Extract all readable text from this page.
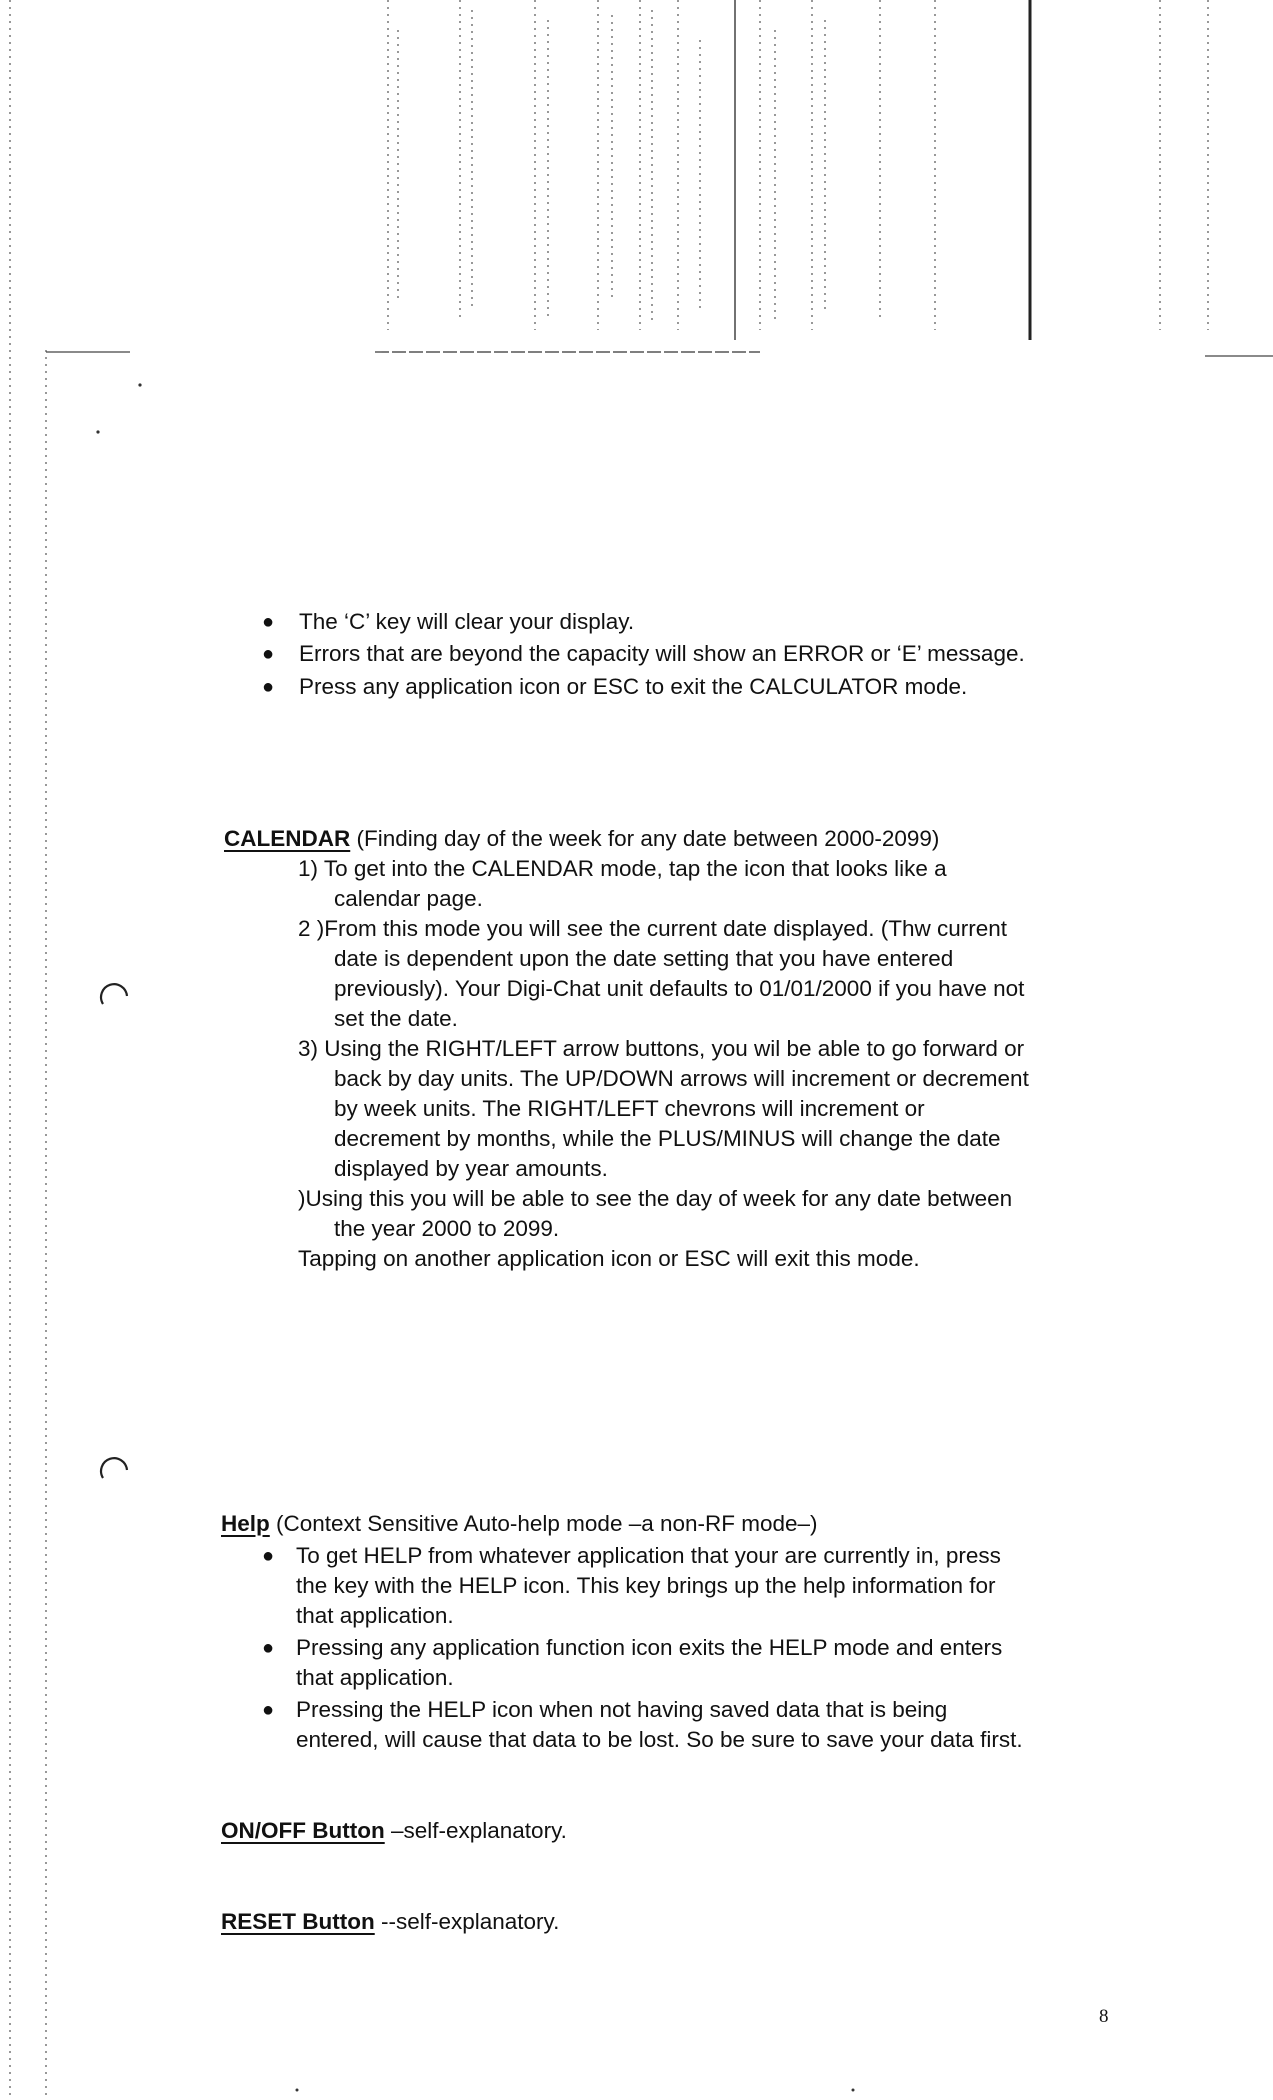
● The ‘C’ key will clear your display.
● Errors that are beyond the capacity will show an ERROR or ‘E’ message.
● Press any application icon or ESC to exit the CALCULATOR mode.
CALENDAR (Finding day of the week for any date between 2000-2099)
1) To get into the CALENDAR mode, tap the icon that looks like a
calendar page.
2 )From this mode you will see the current date displayed. (Thw current
date is dependent upon the date setting that you have entered
previously). Your Digi-Chat unit defaults to 01/01/2000 if you have not
set the date.
3) Using the RIGHT/LEFT arrow buttons, you wil be able to go forward or
back by day units. The UP/DOWN arrows will increment or decrement
by week units. The RIGHT/LEFT chevrons will increment or
decrement by months, while the PLUS/MINUS will change the date
displayed by year amounts.
)Using this you will be able to see the day of week for any date between
the year 2000 to 2099.
Tapping on another application icon or ESC will exit this mode.
Help (Context Sensitive Auto-help mode –a non-RF mode–)
● To get HELP from whatever application that your are currently in, press
the key with the HELP icon. This key brings up the help information for
that application.
● Pressing any application function icon exits the HELP mode and enters
that application.
● Pressing the HELP icon when not having saved data that is being
entered, will cause that data to be lost. So be sure to save your data first.
ON/OFF Button –self-explanatory.
RESET Button --self-explanatory.
8
